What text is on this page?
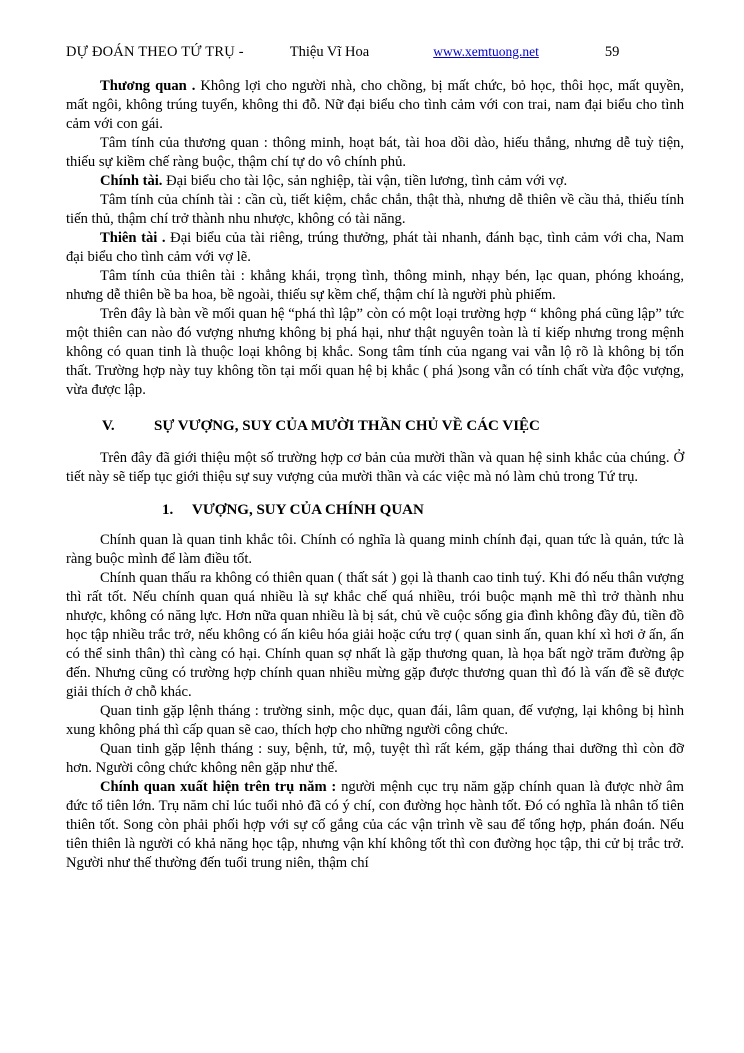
DỰ ĐOÁN THEO TỨ TRỤ -	Thiệu Vĩ Hoa	www.xemtuong.net	59

Thương quan . Không lợi cho người nhà, cho chồng, bị mất chức, bỏ học, thôi học, mất quyền, mất ngôi, không trúng tuyển, không thi đỗ. Nữ đại biểu cho tình cảm với con trai, nam đại biểu cho tình cảm với con gái.

Tâm tính của thương quan : thông minh, hoạt bát, tài hoa dồi dào, hiếu thắng, nhưng dễ tuỳ tiện, thiếu sự kiềm chế ràng buộc, thậm chí tự do vô chính phủ.

Chính tài. Đại biểu cho tài lộc, sản nghiệp, tài vận, tiền lương, tình cảm với vợ.

Tâm tính của chính tài : cần cù, tiết kiệm, chắc chắn, thật thà, nhưng dễ thiên về cầu thả, thiếu tính tiến thủ, thậm chí trở thành nhu nhược, không có tài năng.

Thiên tài . Đại biểu của tài riêng, trúng thưởng, phát tài nhanh, đánh bạc, tình cảm với cha, Nam đại biểu cho tình cảm với vợ lẽ.

Tâm tính của thiên tài : khẳng khái, trọng tình, thông minh, nhạy bén, lạc quan, phóng khoáng, nhưng dễ thiên bề ba hoa, bề ngoài, thiếu sự kềm chế, thậm chí là người phù phiếm.

Trên đây là bàn về mối quan hệ “phá thì lập” còn có một loại trường hợp “ không phá cũng lập” tức một thiên can nào đó vượng nhưng không bị phá hại, như thật nguyên toàn là tỉ kiếp nhưng trong mệnh không có quan tinh là thuộc loại không bị khắc. Song tâm tính của ngang vai vẫn lộ rõ là không bị tổn thất. Trường hợp này tuy không tồn tại mối quan hệ bị khắc ( phá )song vẫn có tính chất vừa độc vượng, vừa được lập.

V.	SỰ VƯỢNG, SUY CỦA MƯỜI THẦN CHỦ VỀ CÁC VIỆC

Trên đây đã giới thiệu một số trường hợp cơ bản của mười thần và quan hệ sinh khắc của chúng. Ở tiết này sẽ tiếp tục giới thiệu sự suy vượng của mười thần và các việc mà nó làm chủ trong Tứ trụ.

1.	VƯỢNG, SUY CỦA CHÍNH QUAN

Chính quan là quan tinh khắc tôi. Chính có nghĩa là quang minh chính đại, quan tức là quản, tức là ràng buộc mình để làm điều tốt.

Chính quan thấu ra không có thiên quan ( thất sát ) gọi là thanh cao tinh tuý. Khi đó nếu thân vượng thì rất tốt. Nếu chính quan quá nhiều là sự khắc chế quá nhiều, trói buộc mạnh mẽ thì trở thành nhu nhược, không có năng lực. Hơn nữa quan nhiều là bị sát, chủ về cuộc sống gia đình không đầy đủ, tiền đồ học tập nhiều trắc trở, nếu không có ấn kiêu hóa giải hoặc cứu trợ ( quan sinh ấn, quan khí xì hơi ở ấn, ấn có thể sinh thân) thì càng có hại. Chính quan sợ nhất là gặp thương quan, là họa bất ngờ trăm đường ập đến. Nhưng cũng có trường hợp chính quan nhiều mừng gặp được thương quan thì đó là vấn đề sẽ được giải thích ở chỗ khác.

Quan tinh gặp lệnh tháng : trường sinh, mộc dục, quan đái, lâm quan, đế vượng, lại không bị hình xung không phá thì cấp quan sẽ cao, thích hợp cho những người công chức.

Quan tinh gặp lệnh tháng : suy, bệnh, tử, mộ, tuyệt thì rất kém, gặp tháng thai dưỡng thì còn đỡ hơn. Người công chức không nên gặp như thế.

Chính quan xuất hiện trên trụ năm : người mệnh cục trụ năm gặp chính quan là được nhờ âm đức tổ tiên lớn. Trụ năm chỉ lúc tuổi nhỏ đã có ý chí, con đường học hành tốt. Đó có nghĩa là nhân tố tiên thiên tốt. Song còn phải phối hợp với sự cố gắng của các vận trình về sau để tổng hợp, phán đoán. Nếu tiên thiên là người có khả năng học tập, nhưng vận khí không tốt thì con đường học tập, thi cử bị trắc trở. Người như thế thường đến tuổi trung niên, thậm chí
